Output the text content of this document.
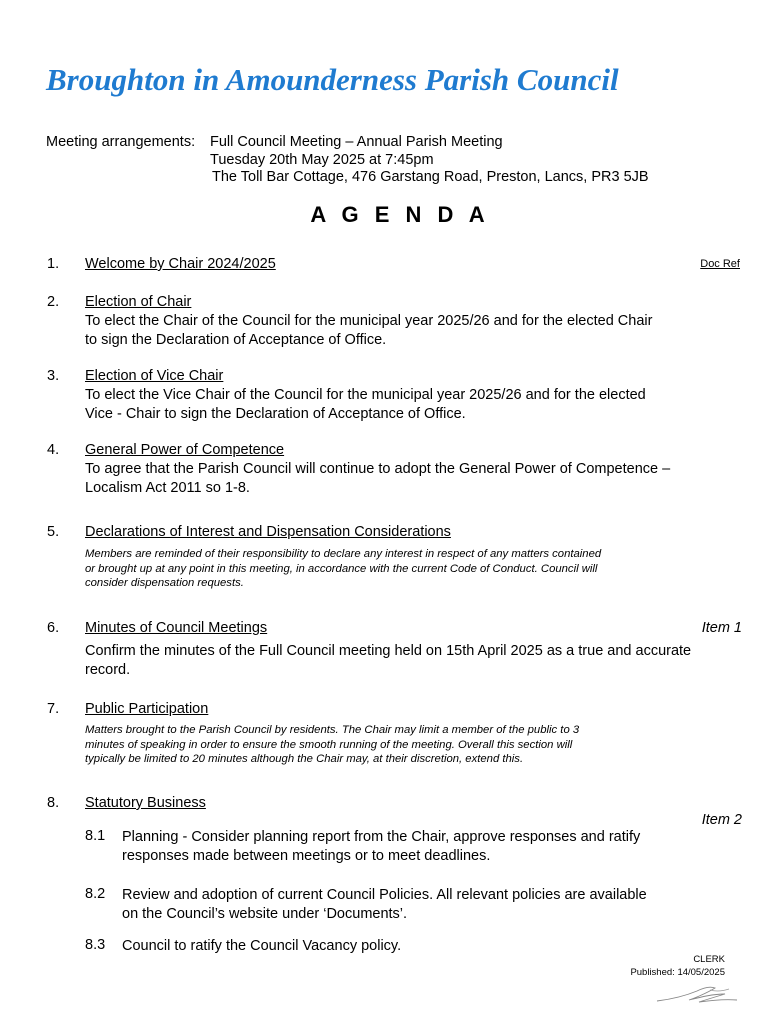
Broughton in Amounderness Parish Council
Meeting arrangements: Full Council Meeting – Annual Parish Meeting
Tuesday 20th May 2025 at 7:45pm
The Toll Bar Cottage, 476 Garstang Road, Preston, Lancs, PR3 5JB
A G E N D A
1. Welcome by Chair 2024/2025	Doc Ref
2. Election of Chair
To elect the Chair of the Council for the municipal year 2025/26 and for the elected Chair
to sign the Declaration of Acceptance of Office.
3. Election of Vice Chair
To elect the Vice Chair of the Council for the municipal year 2025/26 and for the elected
Vice - Chair to sign the Declaration of Acceptance of Office.
4. General Power of Competence
To agree that the Parish Council will continue to adopt the General Power of Competence –
Localism Act 2011 so 1-8.
5. Declarations of Interest and Dispensation Considerations
Members are reminded of their responsibility to declare any interest in respect of any matters contained
or brought up at any point in this meeting, in accordance with the current Code of Conduct. Council will
consider dispensation requests.
6. Minutes of Council Meetings	Item 1
Confirm the minutes of the Full Council meeting held on 15th April 2025 as a true and accurate
record.
7. Public Participation
Matters brought to the Parish Council by residents. The Chair may limit a member of the public to 3
minutes of speaking in order to ensure the smooth running of the meeting. Overall this section will
typically be limited to 20 minutes although the Chair may, at their discretion, extend this.
8. Statutory Business
Item 2
8.1 Planning - Consider planning report from the Chair, approve responses and ratify
responses made between meetings or to meet deadlines.
8.2 Review and adoption of current Council Policies. All relevant policies are available
on the Council’s website under ‘Documents’.
8.3 Council to ratify the Council Vacancy policy.
CLERK
Published: 14/05/2025
